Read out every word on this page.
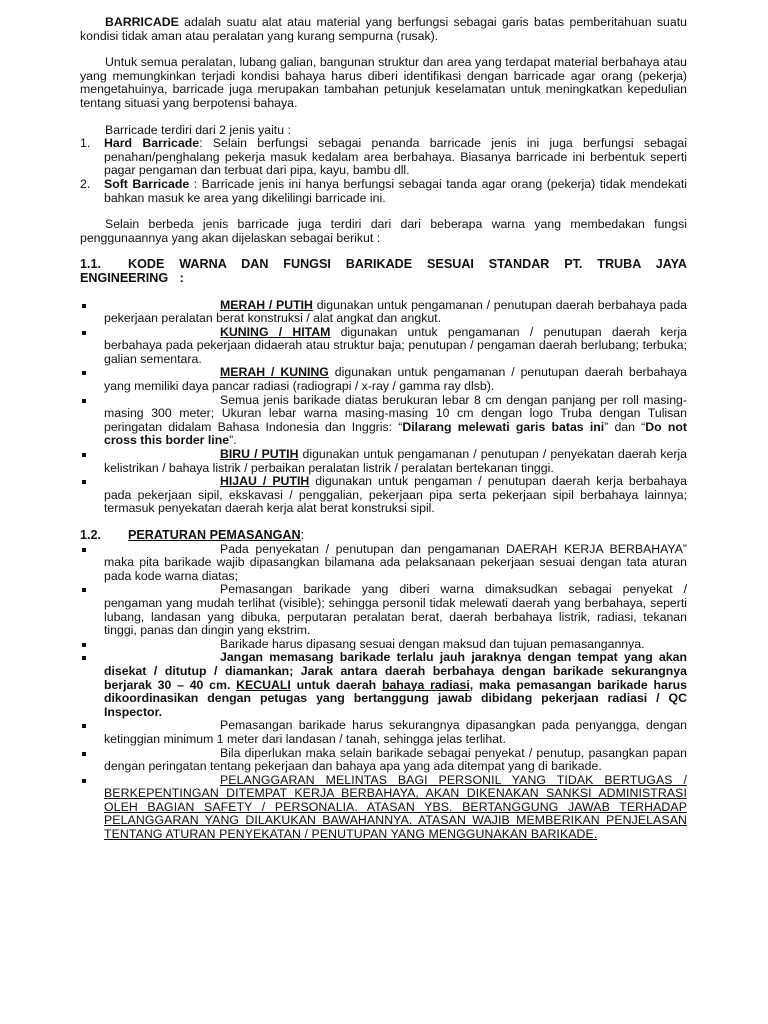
BARRICADE adalah suatu alat atau material yang berfungsi sebagai garis batas pemberitahuan suatu kondisi tidak aman atau peralatan yang kurang sempurna (rusak).

Untuk semua peralatan, lubang galian, bangunan struktur dan area yang terdapat material berbahaya atau yang memungkinkan terjadi kondisi bahaya harus diberi identifikasi dengan barricade agar orang (pekerja) mengetahuinya, barricade juga merupakan tambahan petunjuk keselamatan untuk meningkatkan kepedulian tentang situasi yang berpotensi bahaya.

Barricade terdiri dari 2 jenis yaitu :

1. Hard Barricade: Selain berfungsi sebagai penanda barricade jenis ini juga berfungsi sebagai penahan/penghalang pekerja masuk kedalam area berbahaya. Biasanya barricade ini berbentuk seperti pagar pengaman dan terbuat dari pipa, kayu, bambu dll.
2. Soft Barricade : Barricade jenis ini hanya berfungsi sebagai tanda agar orang (pekerja) tidak mendekati bahkan masuk ke area yang dikelilingi barricade ini.

Selain berbeda jenis barricade juga terdiri dari dari beberapa warna yang membedakan fungsi penggunaannya yang akan dijelaskan sebagai berikut :

1.1. KODE WARNA DAN FUNGSI BARIKADE SESUAI STANDAR PT. TRUBA JAYA ENGINEERING :
MERAH / PUTIH digunakan untuk pengamanan / penutupan daerah berbahaya pada pekerjaan peralatan berat konstruksi / alat angkat dan angkut.
KUNING / HITAM digunakan untuk pengamanan / penutupan daerah kerja berbahaya pada pekerjaan didaerah atau struktur baja; penutupan / pengaman daerah berlubang; terbuka; galian sementara.
MERAH / KUNING digunakan untuk pengamanan / penutupan daerah berbahaya yang memiliki daya pancar radiasi (radiograpi / x-ray / gamma ray dlsb).
Semua jenis barikade diatas berukuran lebar 8 cm dengan panjang per roll masing-masing 300 meter; Ukuran lebar warna masing-masing 10 cm dengan logo Truba dengan Tulisan peringatan didalam Bahasa Indonesia dan Inggris: “Dilarang melewati garis batas ini” dan “Do not cross this border line”.
BIRU / PUTIH digunakan untuk pengamanan / penutupan / penyekatan daerah kerja kelistrikan / bahaya listrik / perbaikan peralatan listrik / peralatan bertekanan tinggi.
HIJAU / PUTIH digunakan untuk pengaman / penutupan daerah kerja berbahaya pada pekerjaan sipil, ekskavasi / penggalian, pekerjaan pipa serta pekerjaan sipil berbahaya lainnya; termasuk penyekatan daerah kerja alat berat konstruksi sipil.
1.2. PERATURAN PEMASANGAN:
Pada penyekatan / penutupan dan pengamanan DAERAH KERJA BERBAHAYA” maka pita barikade wajib dipasangkan bilamana ada pelaksanaan pekerjaan sesuai dengan tata aturan pada kode warna diatas;
Pemasangan barikade yang diberi warna dimaksudkan sebagai penyekat / pengaman yang mudah terlihat (visible); sehingga personil tidak melewati daerah yang berbahaya, seperti lubang, landasan yang dibuka, perputaran peralatan berat, daerah berbahaya listrik, radiasi, tekanan tinggi, panas dan dingin yang ekstrim.
Barikade harus dipasang sesuai dengan maksud dan tujuan pemasangannya.
Jangan memasang barikade terlalu jauh jaraknya dengan tempat yang akan disekat / ditutup / diamankan; Jarak antara daerah berbahaya dengan barikade sekurangnya berjarak 30 – 40 cm. KECUALI untuk daerah bahaya radiasi, maka pemasangan barikade harus dikoordinasikan dengan petugas yang bertanggung jawab dibidang pekerjaan radiasi / QC Inspector.
Pemasangan barikade harus sekurangnya dipasangkan pada penyangga, dengan ketinggian minimum 1 meter dari landasan / tanah, sehingga jelas terlihat.
Bila diperlukan maka selain barikade sebagai penyekat / penutup, pasangkan papan dengan peringatan tentang pekerjaan dan bahaya apa yang ada ditempat yang di barikade.
PELANGGARAN MELINTAS BAGI PERSONIL YANG TIDAK BERTUGAS / BERKEPENTINGAN DITEMPAT KERJA BERBAHAYA, AKAN DIKENAKAN SANKSI ADMINISTRASI OLEH BAGIAN SAFETY / PERSONALIA. ATASAN YBS. BERTANGGUNG JAWAB TERHADAP PELANGGARAN YANG DILAKUKAN BAWAHANNYA. ATASAN WAJIB MEMBERIKAN PENJELASAN TENTANG ATURAN PENYEKATAN / PENUTUPAN YANG MENGGUNAKAN BARIKADE.
